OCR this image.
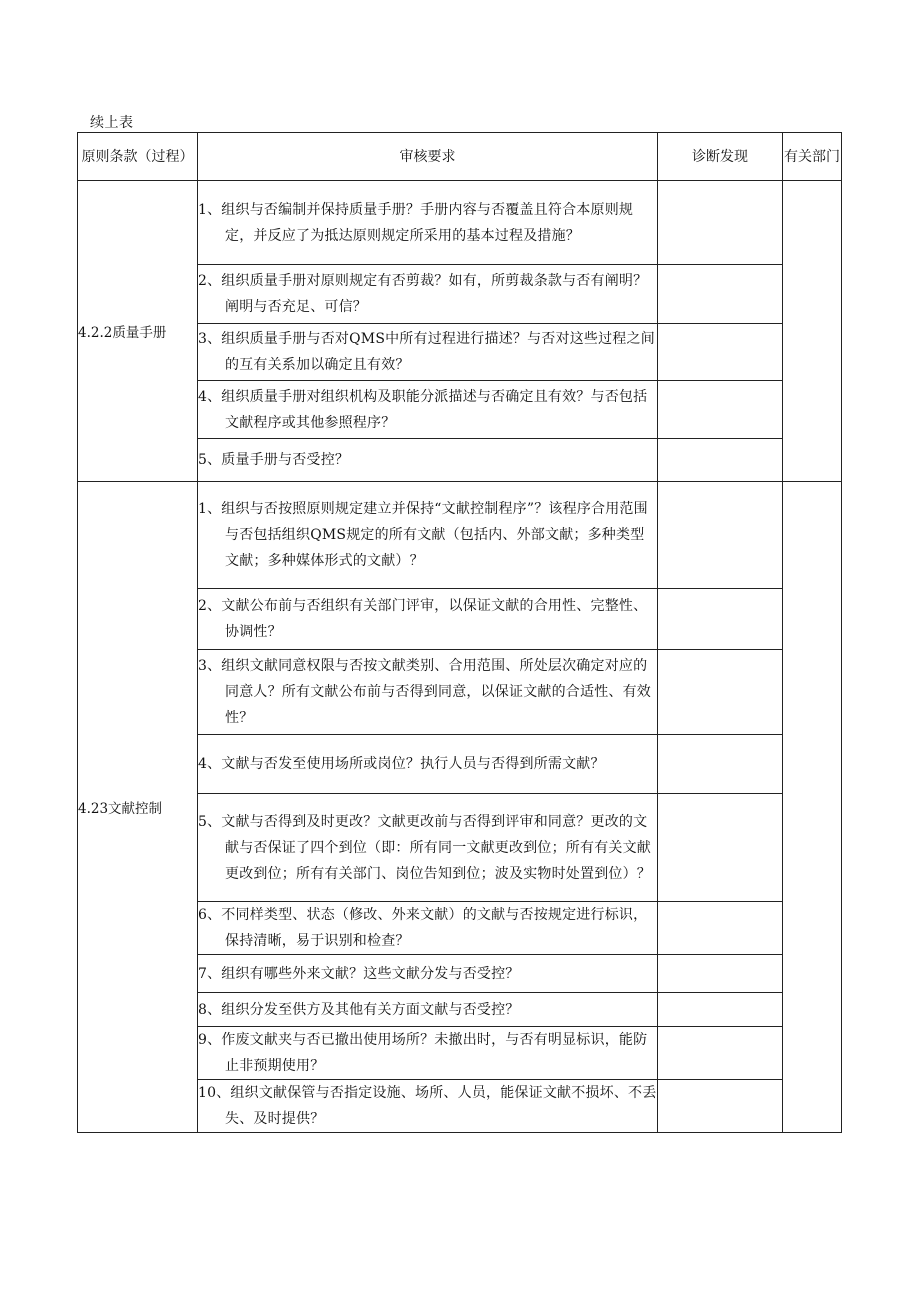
续上表
原则条款（过程）	审核要求	诊断发现	有关部门
4.2.2质量手册	1、组织与否编制并保持质量手册？手册内容与否覆盖且符合本原则规定，并反应了为抵达原则规定所采用的基本过程及措施？		

	2、组织质量手册对原则规定有否剪裁？如有，所剪裁条款与否有阐明？阐明与否充足、可信？		

	3、组织质量手册与否对QMS中所有过程进行描述？与否对这些过程之间的互有关系加以确定且有效？		

	4、组织质量手册对组织机构及职能分派描述与否确定且有效？与否包括文献程序或其他参照程序？		

	5、质量手册与否受控？		

4.23文献控制	1、组织与否按照原则规定建立并保持“文献控制程序”？该程序合用范围与否包括组织QMS规定的所有文献（包括内、外部文献；多种类型文献；多种媒体形式的文献）？		

	2、文献公布前与否组织有关部门评审，以保证文献的合用性、完整性、协调性？		

	3、组织文献同意权限与否按文献类别、合用范围、所处层次确定对应的同意人？所有文献公布前与否得到同意，以保证文献的合适性、有效性？		

	4、文献与否发至使用场所或岗位？执行人员与否得到所需文献？		

	5、文献与否得到及时更改？文献更改前与否得到评审和同意？更改的文献与否保证了四个到位（即：所有同一文献更改到位；所有有关文献更改到位；所有有关部门、岗位告知到位；波及实物时处置到位）？		

	6、不同样类型、状态（修改、外来文献）的文献与否按规定进行标识，保持清晰，易于识别和检查？		

	7、组织有哪些外来文献？这些文献分发与否受控？		

	8、组织分发至供方及其他有关方面文献与否受控？		

	9、作废文献夹与否已撤出使用场所？未撤出时，与否有明显标识，能防止非预期使用？		

	10、组织文献保管与否指定设施、场所、人员，能保证文献不损坏、不丢失、及时提供？		
